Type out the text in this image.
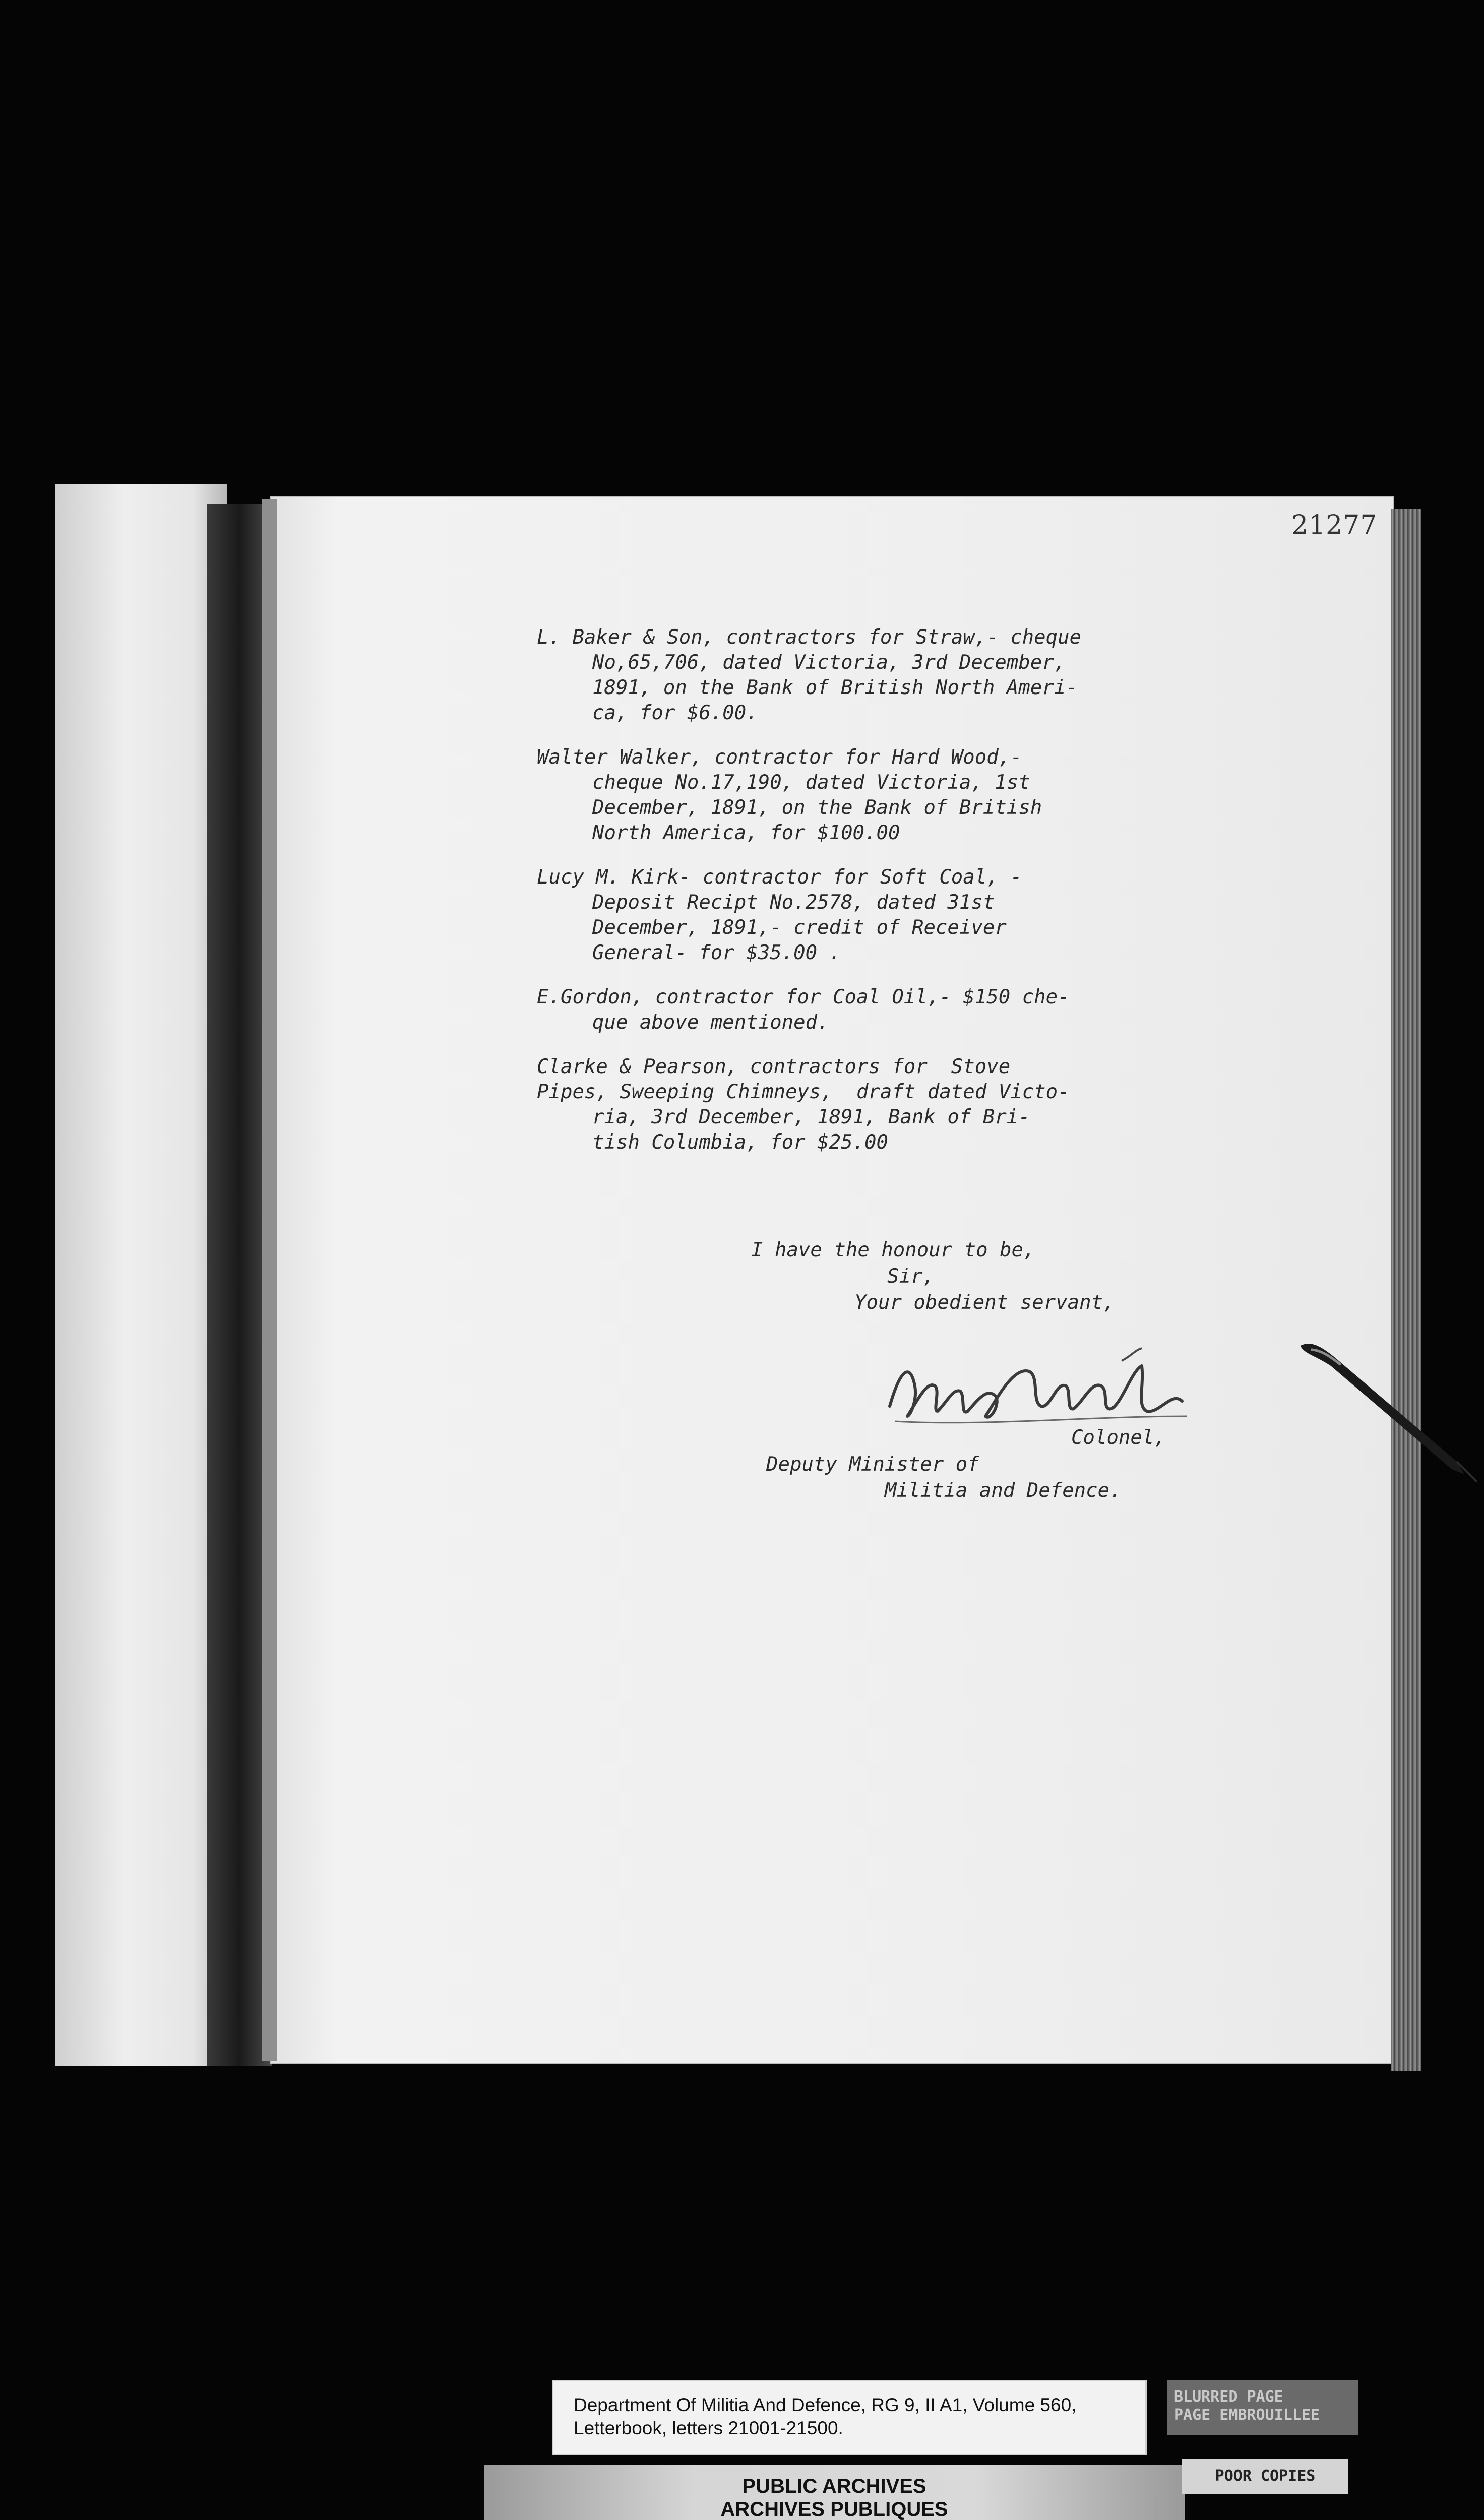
21277
L. Baker & Son, contractors for Straw,- cheque
No,65,706, dated Victoria, 3rd December,
1891, on the Bank of British North Ameri-
ca, for $6.00.
Walter Walker, contractor for Hard Wood,-
cheque No.17,190, dated Victoria, 1st
December, 1891, on the Bank of British
North America, for $100.00
Lucy M. Kirk- contractor for Soft Coal, -
Deposit Recipt No.2578, dated 31st
December, 1891,- credit of Receiver
General- for $35.00 .
E.Gordon, contractor for Coal Oil,- $150 che-
que above mentioned.
Clarke & Pearson, contractors for  Stove
Pipes, Sweeping Chimneys,  draft dated Victo-
ria, 3rd December, 1891, Bank of Bri-
tish Columbia, for $25.00
I have the honour to be,
Sir,
Your obedient servant,
Colonel,
Deputy Minister of
Militia and Defence.
Department Of Militia And Defence, RG 9, II A1, Volume 560,
Letterbook, letters 21001-21500.
BLURRED PAGE
PAGE EMBROUILLEE
PUBLIC ARCHIVES
ARCHIVES PUBLIQUES
POOR COPIES
